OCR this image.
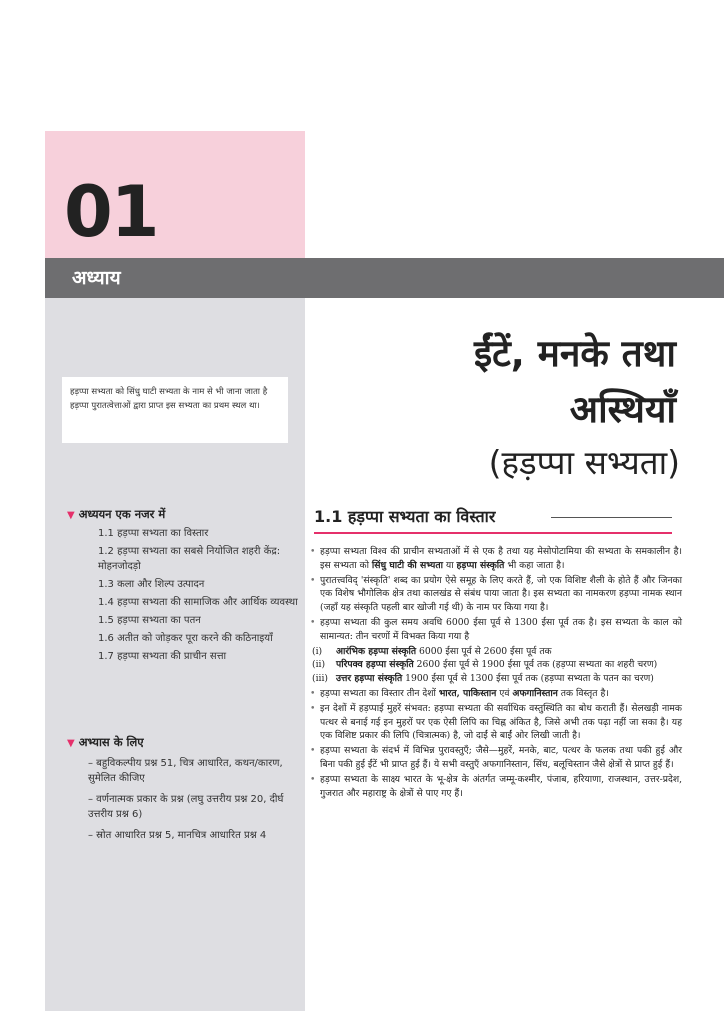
01
अध्याय
हड़प्पा सभ्यता को सिंधु घाटी सभ्यता के नाम से भी जाना जाता है हड़प्पा पुरातत्वेत्ताओं द्वारा प्राप्त इस सभ्यता का प्रथम स्थल था।
▼ अध्ययन एक नजर में
1.1 हड़प्पा सभ्यता का विस्तार
1.2 हड़प्पा सभ्यता का सबसे नियोजित शहरी केंद्र: मोहनजोदड़ो
1.3 कला और शिल्प उत्पादन
1.4 हड़प्पा सभ्यता की सामाजिक और आर्थिक व्यवस्था
1.5 हड़प्पा सभ्यता का पतन
1.6 अतीत को जोड़कर पूरा करने की कठिनाइयाँ
1.7 हड़प्पा सभ्यता की प्राचीन सत्ता
▼ अभ्यास के लिए
– बहुविकल्पीय प्रश्न 51, चित्र आधारित, कथन/कारण, सुमेलित कीजिए
– वर्णनात्मक प्रकार के प्रश्न (लघु उत्तरीय प्रश्न 20, दीर्घ उत्तरीय प्रश्न 6)
– स्रोत आधारित प्रश्न 5, मानचित्र आधारित प्रश्न 4
ईंटें, मनके तथा
अस्थियाँ
(हड़प्पा सभ्यता)
1.1 हड़प्पा सभ्यता का विस्तार
• हड़प्पा सभ्यता विश्व की प्राचीन सभ्यताओं में से एक है तथा यह मेसोपोटामिया की सभ्यता के समकालीन है। इस सभ्यता को सिंधु घाटी की सभ्यता या हड़प्पा संस्कृति भी कहा जाता है।
• पुरातत्त्वविद् 'संस्कृति' शब्द का प्रयोग ऐसे समूह के लिए करते हैं, जो एक विशिष्ट शैली के होते हैं और जिनका एक विशेष भौगोलिक क्षेत्र तथा कालखंड से संबंध पाया जाता है। इस सभ्यता का नामकरण हड़प्पा नामक स्थान (जहाँ यह संस्कृति पहली बार खोजी गई थी) के नाम पर किया गया है।
• हड़प्पा सभ्यता की कुल समय अवधि 6000 ईसा पूर्व से 1300 ईसा पूर्व तक है। इस सभ्यता के काल को सामान्यत: तीन चरणों में विभक्त किया गया है
(i) आरंभिक हड़प्पा संस्कृति 6000 ईसा पूर्व से 2600 ईसा पूर्व तक
(ii) परिपक्व हड़प्पा संस्कृति 2600 ईसा पूर्व से 1900 ईसा पूर्व तक (हड़प्पा सभ्यता का शहरी चरण)
(iii) उत्तर हड़प्पा संस्कृति 1900 ईसा पूर्व से 1300 ईसा पूर्व तक (हड़प्पा सभ्यता के पतन का चरण)
• हड़प्पा सभ्यता का विस्तार तीन देशों भारत, पाकिस्तान एवं अफगानिस्तान तक विस्तृत है।
• इन देशों में हड़प्पाई मुहरें संभवत: हड़प्पा सभ्यता की सर्वाधिक वस्तुस्थिति का बोध कराती हैं। सेलखड़ी नामक पत्थर से बनाई गई इन मुहरों पर एक ऐसी लिपि का चिह्न अंकित है, जिसे अभी तक पढ़ा नहीं जा सका है। यह एक विशिष्ट प्रकार की लिपि (चित्रात्मक) है, जो दाईं से बाईं ओर लिखी जाती है।
• हड़प्पा सभ्यता के संदर्भ में विभिन्न पुरावस्तुएँ; जैसे—मुहरें, मनके, बाट, पत्थर के फलक तथा पकी हुई और बिना पकी हुई ईंटें भी प्राप्त हुई हैं। ये सभी वस्तुएँ अफगानिस्तान, सिंध, बलूचिस्तान जैसे क्षेत्रों से प्राप्त हुई हैं।
• हड़प्पा सभ्यता के साक्ष्य भारत के भू-क्षेत्र के अंतर्गत जम्मू-कश्मीर, पंजाब, हरियाणा, राजस्थान, उत्तर-प्रदेश, गुजरात और महाराष्ट्र के क्षेत्रों से पाए गए हैं।
